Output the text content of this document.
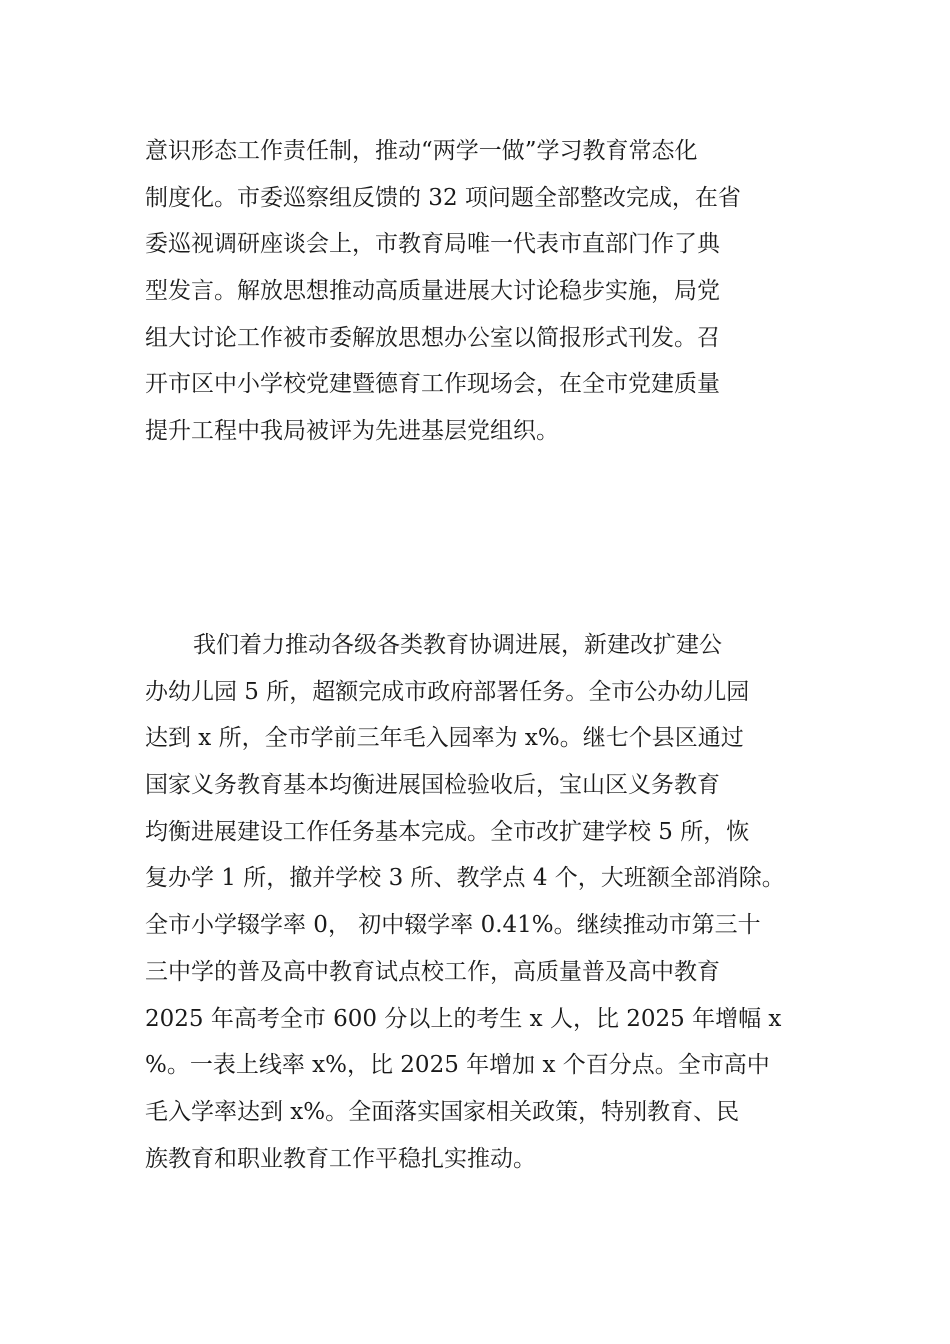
意识形态工作责任制，推动“两学一做”学习教育常态化
制度化。市委巡察组反馈的 32 项问题全部整改完成，在省
委巡视调研座谈会上，市教育局唯一代表市直部门作了典
型发言。解放思想推动高质量进展大讨论稳步实施，局党
组大讨论工作被市委解放思想办公室以简报形式刊发。召
开市区中小学校党建暨德育工作现场会，在全市党建质量
提升工程中我局被评为先进基层党组织。

我们着力推动各级各类教育协调进展，新建改扩建公
办幼儿园 5 所，超额完成市政府部署任务。全市公办幼儿园
达到 x 所，全市学前三年毛入园率为 x%。继七个县区通过
国家义务教育基本均衡进展国检验收后，宝山区义务教育
均衡进展建设工作任务基本完成。全市改扩建学校 5 所，恢
复办学 1 所，撤并学校 3 所、教学点 4 个，大班额全部消除。
全市小学辍学率 0， 初中辍学率 0.41%。继续推动市第三十
三中学的普及高中教育试点校工作，高质量普及高中教育
2025 年高考全市 600 分以上的考生 x 人，比 2025 年增幅 x
%。一表上线率 x%，比 2025 年增加 x 个百分点。全市高中
毛入学率达到 x%。全面落实国家相关政策，特别教育、民
族教育和职业教育工作平稳扎实推动。
